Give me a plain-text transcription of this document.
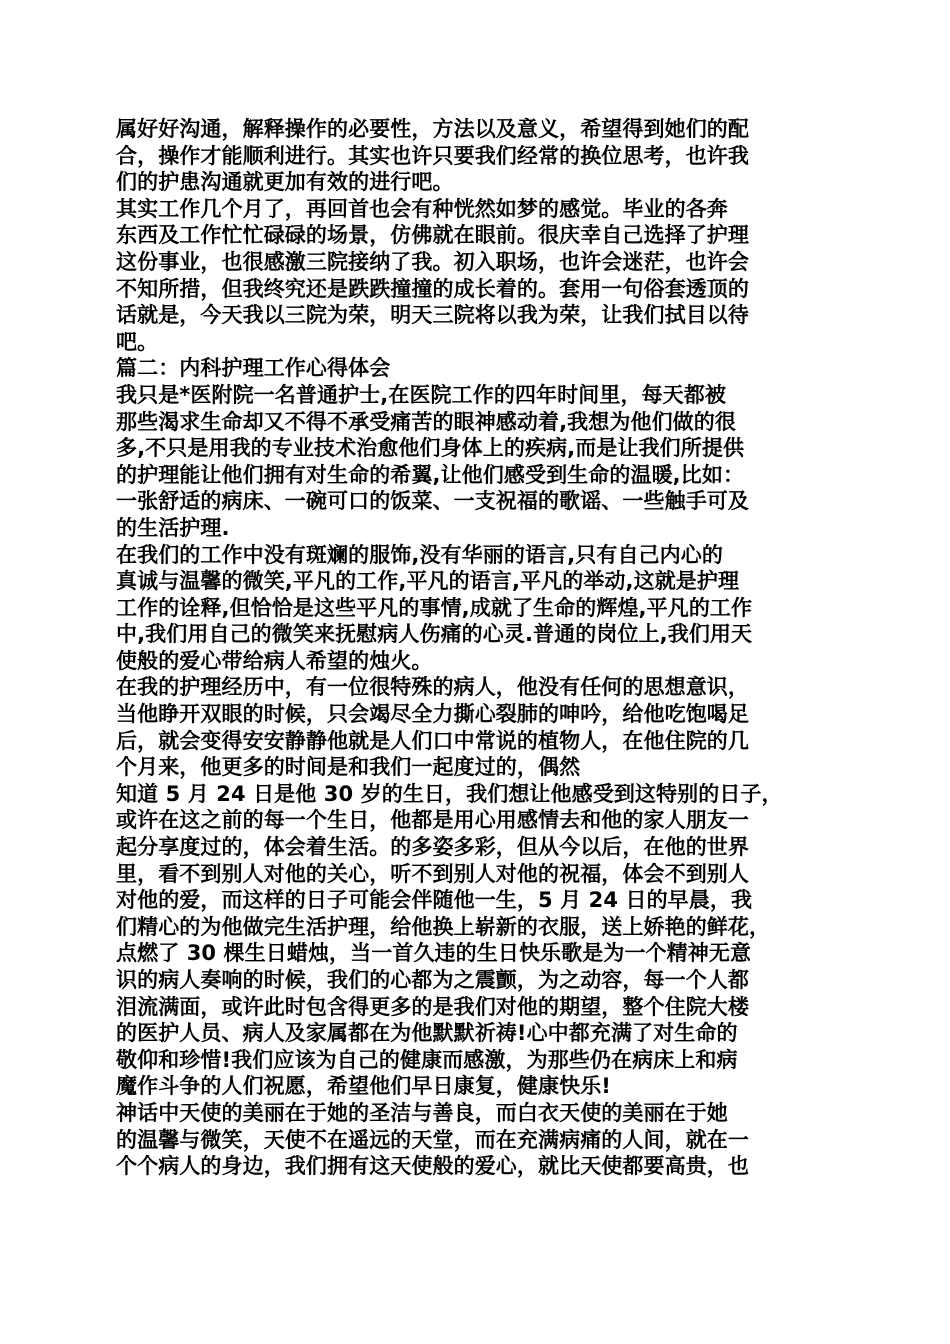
属好好沟通，解释操作的必要性，方法以及意义，希望得到她们的配
合，操作才能顺利进行。其实也许只要我们经常的换位思考，也许我
们的护患沟通就更加有效的进行吧。
其实工作几个月了，再回首也会有种恍然如梦的感觉。毕业的各奔
东西及工作忙忙碌碌的场景，仿佛就在眼前。很庆幸自己选择了护理
这份事业，也很感激三院接纳了我。初入职场，也许会迷茫，也许会
不知所措，但我终究还是跌跌撞撞的成长着的。套用一句俗套透顶的
话就是，今天我以三院为荣，明天三院将以我为荣，让我们拭目以待
吧。
篇二：内科护理工作心得体会
我只是*医附院一名普通护士,在医院工作的四年时间里，每天都被
那些渴求生命却又不得不承受痛苦的眼神感动着,我想为他们做的很
多,不只是用我的专业技术治愈他们身体上的疾病,而是让我们所提供
的护理能让他们拥有对生命的希翼,让他们感受到生命的温暖,比如：
一张舒适的病床、一碗可口的饭菜、一支祝福的歌谣、一些触手可及
的生活护理.
在我们的工作中没有斑斓的服饰,没有华丽的语言,只有自己内心的
真诚与温馨的微笑,平凡的工作,平凡的语言,平凡的举动,这就是护理
工作的诠释,但恰恰是这些平凡的事情,成就了生命的辉煌,平凡的工作
中,我们用自己的微笑来抚慰病人伤痛的心灵.普通的岗位上,我们用天
使般的爱心带给病人希望的烛火。
在我的护理经历中，有一位很特殊的病人，他没有任何的思想意识，
当他睁开双眼的时候，只会竭尽全力撕心裂肺的呻吟，给他吃饱喝足
后，就会变得安安静静他就是人们口中常说的植物人，在他住院的几
个月来，他更多的时间是和我们一起度过的，偶然
知道 5 月 24 日是他 30 岁的生日，我们想让他感受到这特别的日子，
或许在这之前的每一个生日，他都是用心用感情去和他的家人朋友一
起分享度过的，体会着生活。的多姿多彩，但从今以后，在他的世界
里，看不到别人对他的关心，听不到别人对他的祝福，体会不到别人
对他的爱，而这样的日子可能会伴随他一生，5 月 24 日的早晨，我
们精心的为他做完生活护理，给他换上崭新的衣服，送上娇艳的鲜花，
点燃了 30 棵生日蜡烛，当一首久违的生日快乐歌是为一个精神无意
识的病人奏响的时候，我们的心都为之震颤，为之动容，每一个人都
泪流满面，或许此时包含得更多的是我们对他的期望，整个住院大楼
的医护人员、病人及家属都在为他默默祈祷!心中都充满了对生命的
敬仰和珍惜!我们应该为自己的健康而感激，为那些仍在病床上和病
魔作斗争的人们祝愿，希望他们早日康复，健康快乐!
神话中天使的美丽在于她的圣洁与善良，而白衣天使的美丽在于她
的温馨与微笑，天使不在遥远的天堂，而在充满病痛的人间，就在一
个个病人的身边，我们拥有这天使般的爱心，就比天使都要高贵，也
